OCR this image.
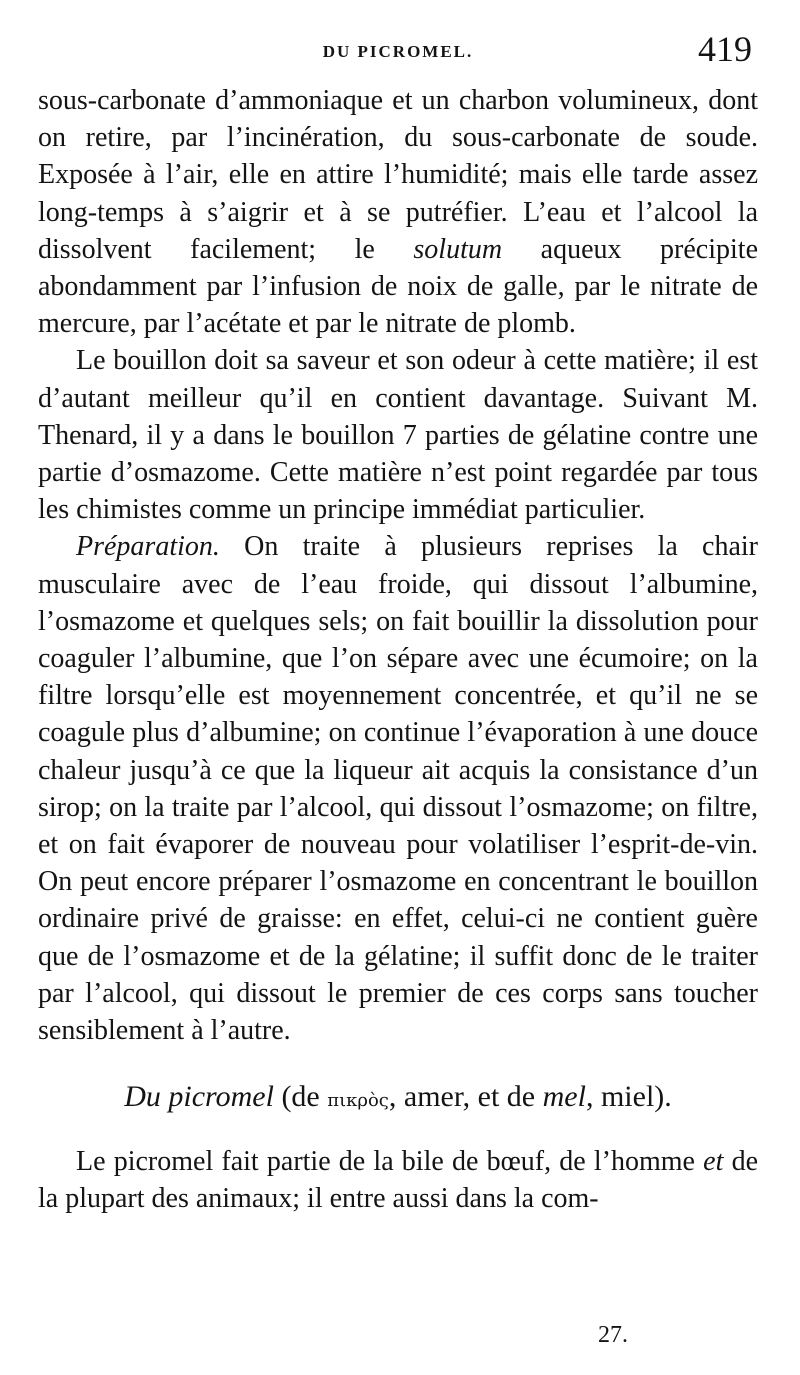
DU PICROMEL.	419

sous-carbonate d’ammoniaque et un charbon volumineux, dont on retire, par l’incinération, du sous-carbonate de soude. Exposée à l’air, elle en attire l’humidité; mais elle tarde assez long-temps à s’aigrir et à se putréfier. L’eau et l’alcool la dissolvent facilement; le solutum aqueux précipite abondamment par l’infusion de noix de galle, par le nitrate de mercure, par l’acétate et par le nitrate de plomb.

Le bouillon doit sa saveur et son odeur à cette matière; il est d’autant meilleur qu’il en contient davantage. Suivant M. Thenard, il y a dans le bouillon 7 parties de gélatine contre une partie d’osmazome. Cette matière n’est point regardée par tous les chimistes comme un principe immédiat particulier.

Préparation. On traite à plusieurs reprises la chair musculaire avec de l’eau froide, qui dissout l’albumine, l’osmazome et quelques sels; on fait bouillir la dissolution pour coaguler l’albumine, que l’on sépare avec une écumoire; on la filtre lorsqu’elle est moyennement concentrée, et qu’il ne se coagule plus d’albumine; on continue l’évaporation à une douce chaleur jusqu’à ce que la liqueur ait acquis la consistance d’un sirop; on la traite par l’alcool, qui dissout l’osmazome; on filtre, et on fait évaporer de nouveau pour volatiliser l’esprit-de-vin. On peut encore préparer l’osmazome en concentrant le bouillon ordinaire privé de graisse: en effet, celui-ci ne contient guère que de l’osmazome et de la gélatine; il suffit donc de le traiter par l’alcool, qui dissout le premier de ces corps sans toucher sensiblement à l’autre.

Du picromel (de πικρὸς, amer, et de mel, miel).

Le picromel fait partie de la bile de bœuf, de l’homme et de la plupart des animaux; il entre aussi dans la com-

27.
